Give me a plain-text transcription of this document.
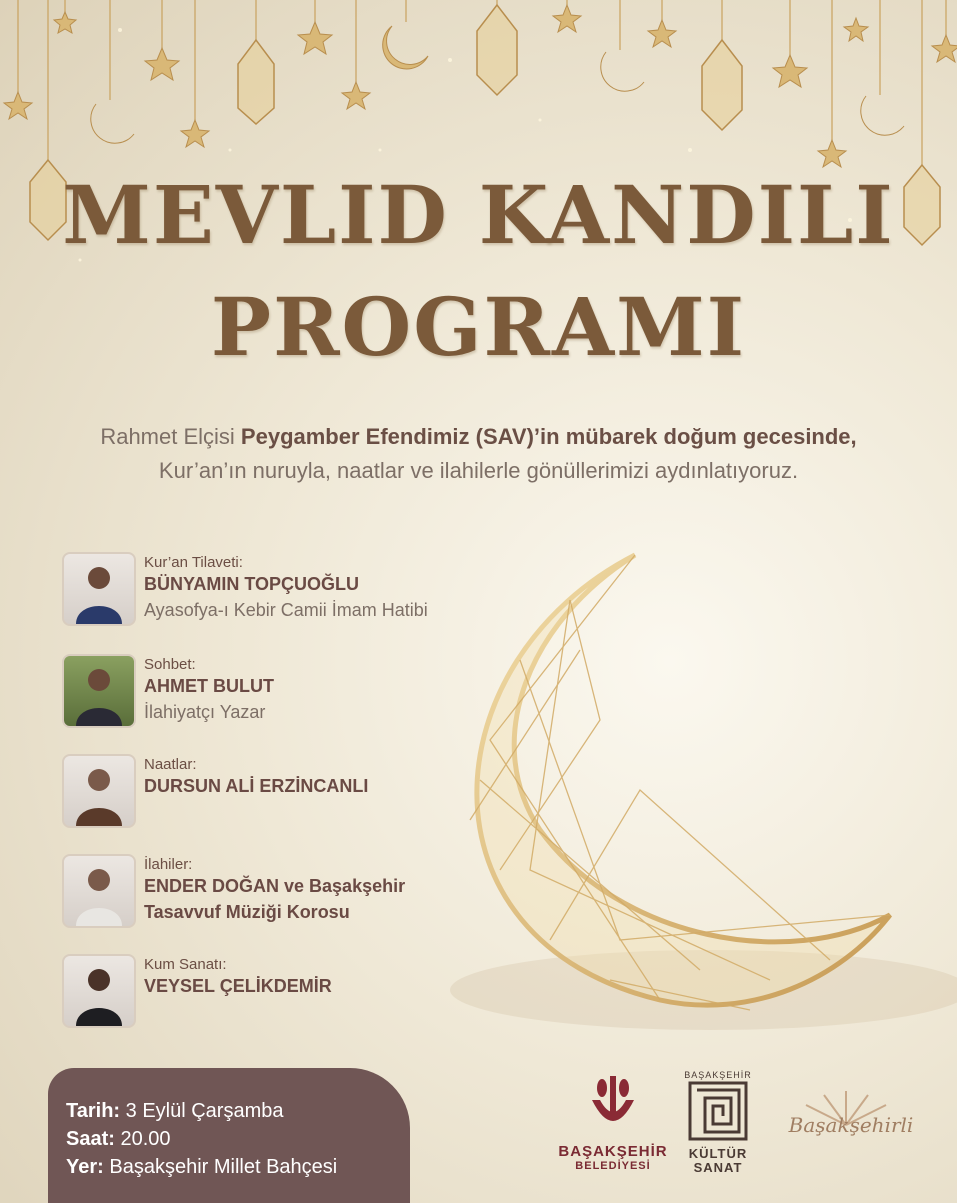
MEVLID KANDILI
PROGRAMI
Rahmet Elçisi Peygamber Efendimiz (SAV)’in mübarek doğum gecesinde,
Kur’an’ın nuruyla, naatlar ve ilahilerle gönüllerimizi aydınlatıyoruz.
Kur’an Tilaveti:
BÜNYAMIN TOPÇUOĞLU
Ayasofya-ı Kebir Camii İmam Hatibi
Sohbet:
AHMET BULUT
İlahiyatçı Yazar
Naatlar:
DURSUN ALİ ERZİNCANLI
İlahiler:
ENDER DOĞAN ve Başakşehir
Tasavvuf Müziği Korosu
Kum Sanatı:
VEYSEL ÇELİKDEMİR
Tarih: 3 Eylül Çarşamba
Saat: 20.00
Yer: Başakşehir Millet Bahçesi
BAŞAKŞEHİR
BELEDİYESİ
BAŞAKŞEHİR
KÜLTÜR
SANAT
Başakşehirli
